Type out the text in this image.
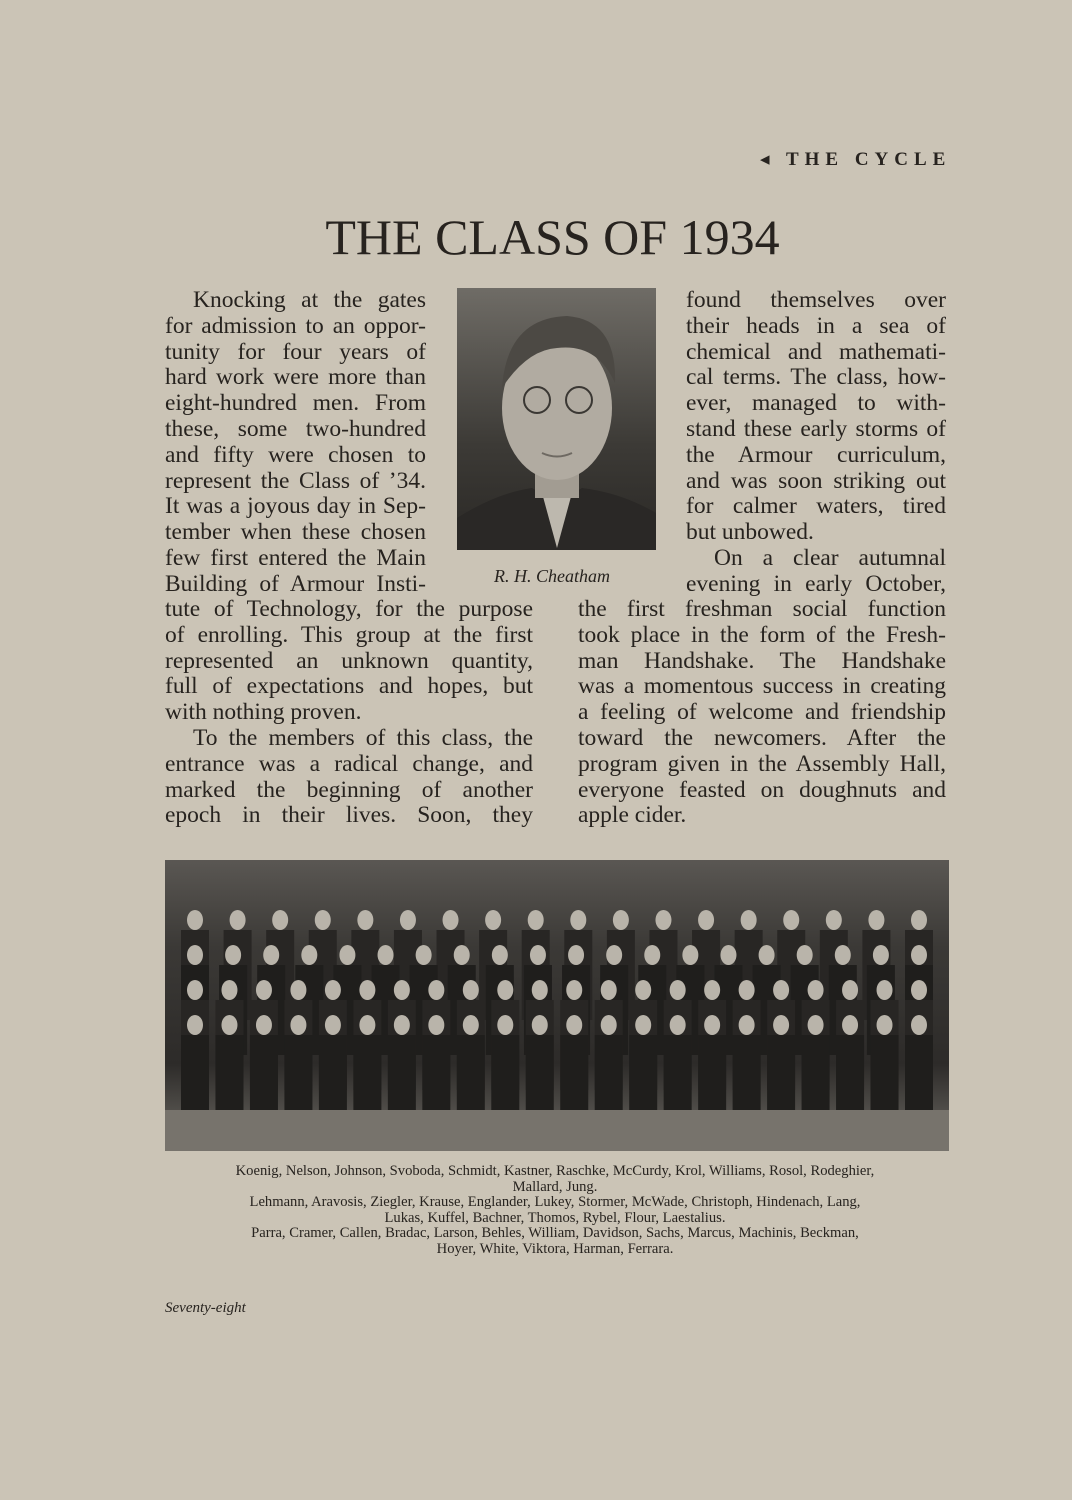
◂ THE CYCLE
THE CLASS OF 1934
Knocking at the gates
for admission to an oppor-
tunity for four years of
hard work were more than
eight-hundred men. From
these, some two-hundred
and fifty were chosen to
represent the Class of ’34.
It was a joyous day in Sep-
tember when these chosen
few first entered the Main
Building of Armour Insti-
tute of Technology, for the purpose
of enrolling. This group at the first
represented an unknown quantity,
full of expectations and hopes, but
with nothing proven.
To the members of this class, the
entrance was a radical change, and
marked the beginning of another
epoch in their lives. Soon, they
found themselves over
their heads in a sea of
chemical and mathemati-
cal terms. The class, how-
ever, managed to with-
stand these early storms of
the Armour curriculum,
and was soon striking out
for calmer waters, tired
but unbowed.
On a clear autumnal
evening in early October,
the first freshman social function
took place in the form of the Fresh-
man Handshake. The Handshake
was a momentous success in creating
a feeling of welcome and friendship
toward the newcomers. After the
program given in the Assembly Hall,
everyone feasted on doughnuts and
apple cider.
R. H. Cheatham
Koenig, Nelson, Johnson, Svoboda, Schmidt, Kastner, Raschke, McCurdy, Krol, Williams, Rosol, Rodeghier,
Mallard, Jung.
Lehmann, Aravosis, Ziegler, Krause, Englander, Lukey, Stormer, McWade, Christoph, Hindenach, Lang,
Lukas, Kuffel, Bachner, Thomos, Rybel, Flour, Laestalius.
Parra, Cramer, Callen, Bradac, Larson, Behles, William, Davidson, Sachs, Marcus, Machinis, Beckman,
Hoyer, White, Viktora, Harman, Ferrara.
Seventy-eight
